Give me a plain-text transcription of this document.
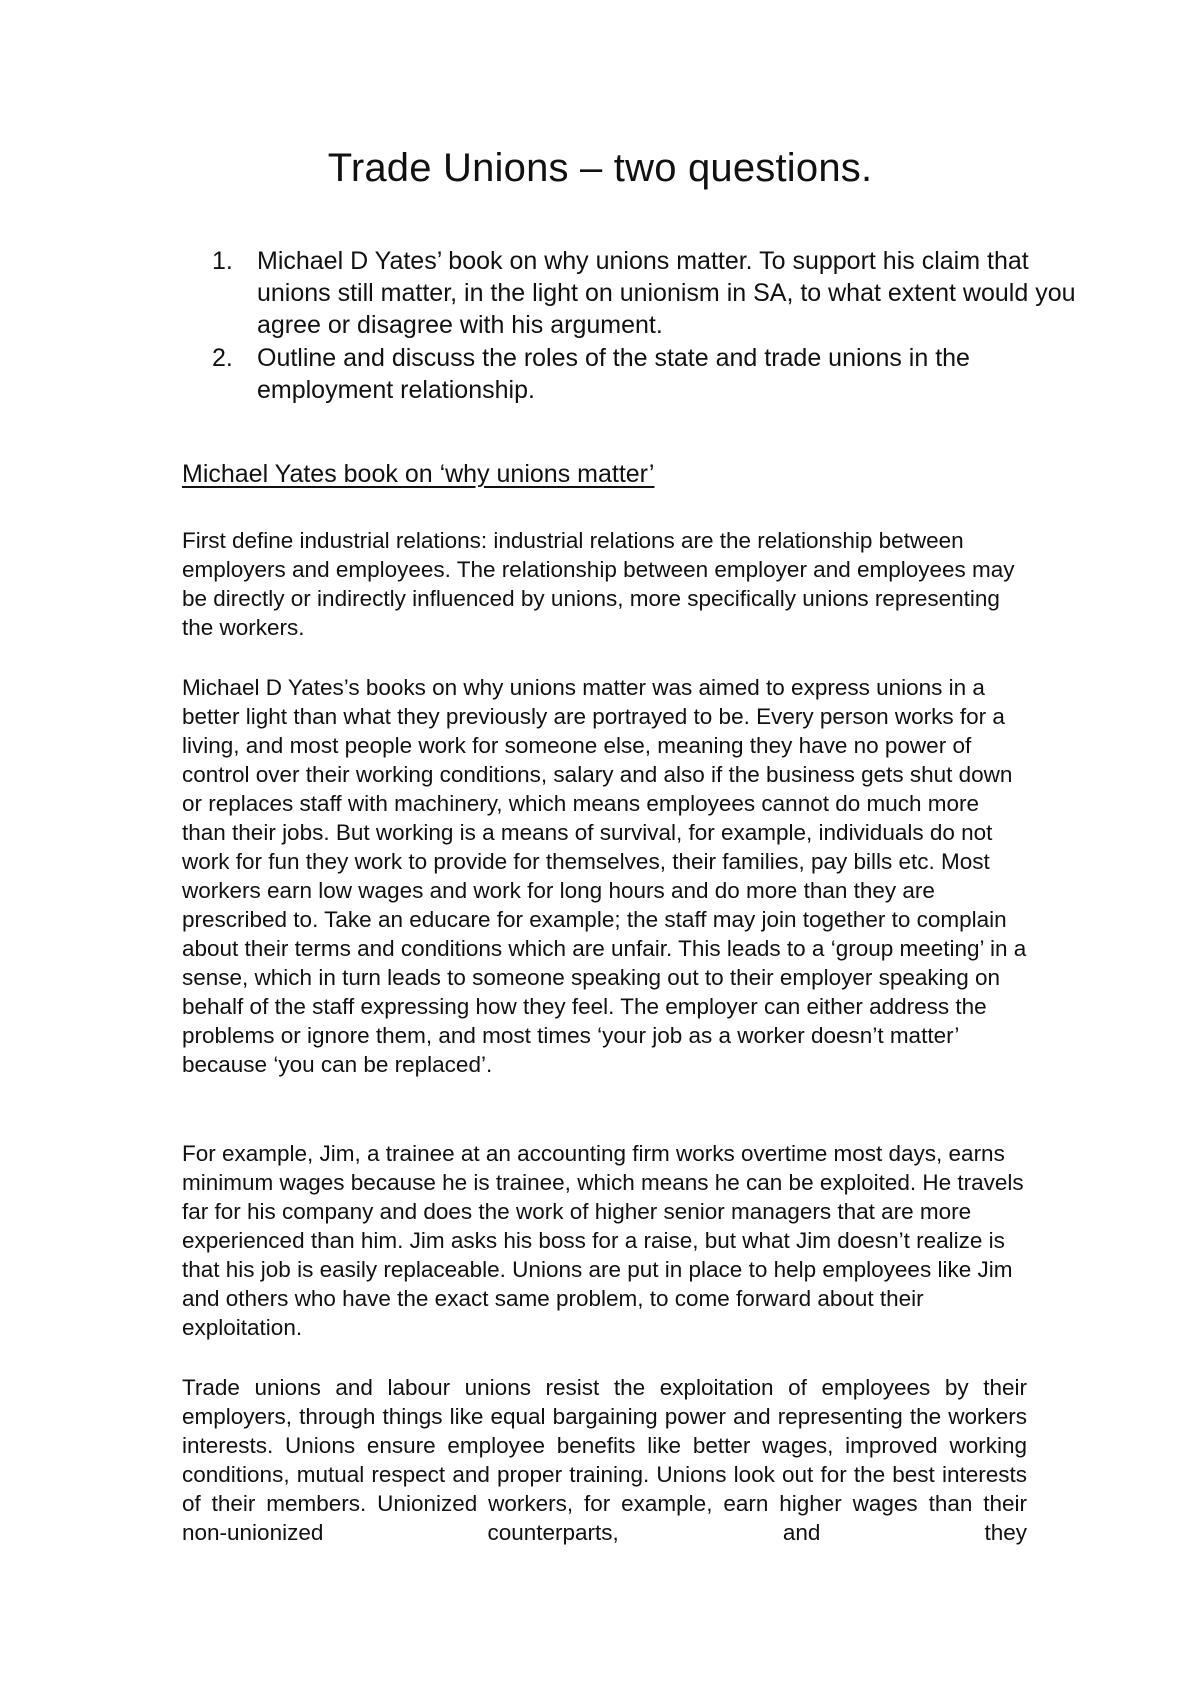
Trade Unions – two questions.
1. Michael D Yates’ book on why unions matter. To support his claim that unions still matter, in the light on unionism in SA, to what extent would you agree or disagree with his argument.
2. Outline and discuss the roles of the state and trade unions in the employment relationship.
Michael Yates book on ‘why unions matter’

First define industrial relations: industrial relations are the relationship between employers and employees. The relationship between employer and employees may be directly or indirectly influenced by unions, more specifically unions representing the workers.

Michael D Yates’s books on why unions matter was aimed to express unions in a better light than what they previously are portrayed to be. Every person works for a living, and most people work for someone else, meaning they have no power of control over their working conditions, salary and also if the business gets shut down or replaces staff with machinery, which means employees cannot do much more than their jobs. But working is a means of survival, for example, individuals do not work for fun they work to provide for themselves, their families, pay bills etc. Most workers earn low wages and work for long hours and do more than they are prescribed to. Take an educare for example; the staff may join together to complain about their terms and conditions which are unfair. This leads to a ‘group meeting’ in a sense, which in turn leads to someone speaking out to their employer speaking on behalf of the staff expressing how they feel. The employer can either address the problems or ignore them, and most times ‘your job as a worker doesn’t matter’ because ‘you can be replaced’.

For example, Jim, a trainee at an accounting firm works overtime most days, earns minimum wages because he is trainee, which means he can be exploited. He travels far for his company and does the work of higher senior managers that are more experienced than him. Jim asks his boss for a raise, but what Jim doesn’t realize is that his job is easily replaceable. Unions are put in place to help employees like Jim and others who have the exact same problem, to come forward about their exploitation.

Trade unions and labour unions resist the exploitation of employees by their employers, through things like equal bargaining power and representing the workers interests. Unions ensure employee benefits like better wages, improved working conditions, mutual respect and proper training. Unions look out for the best interests of their members. Unionized workers, for example, earn higher wages than their non-unionized counterparts, and they
